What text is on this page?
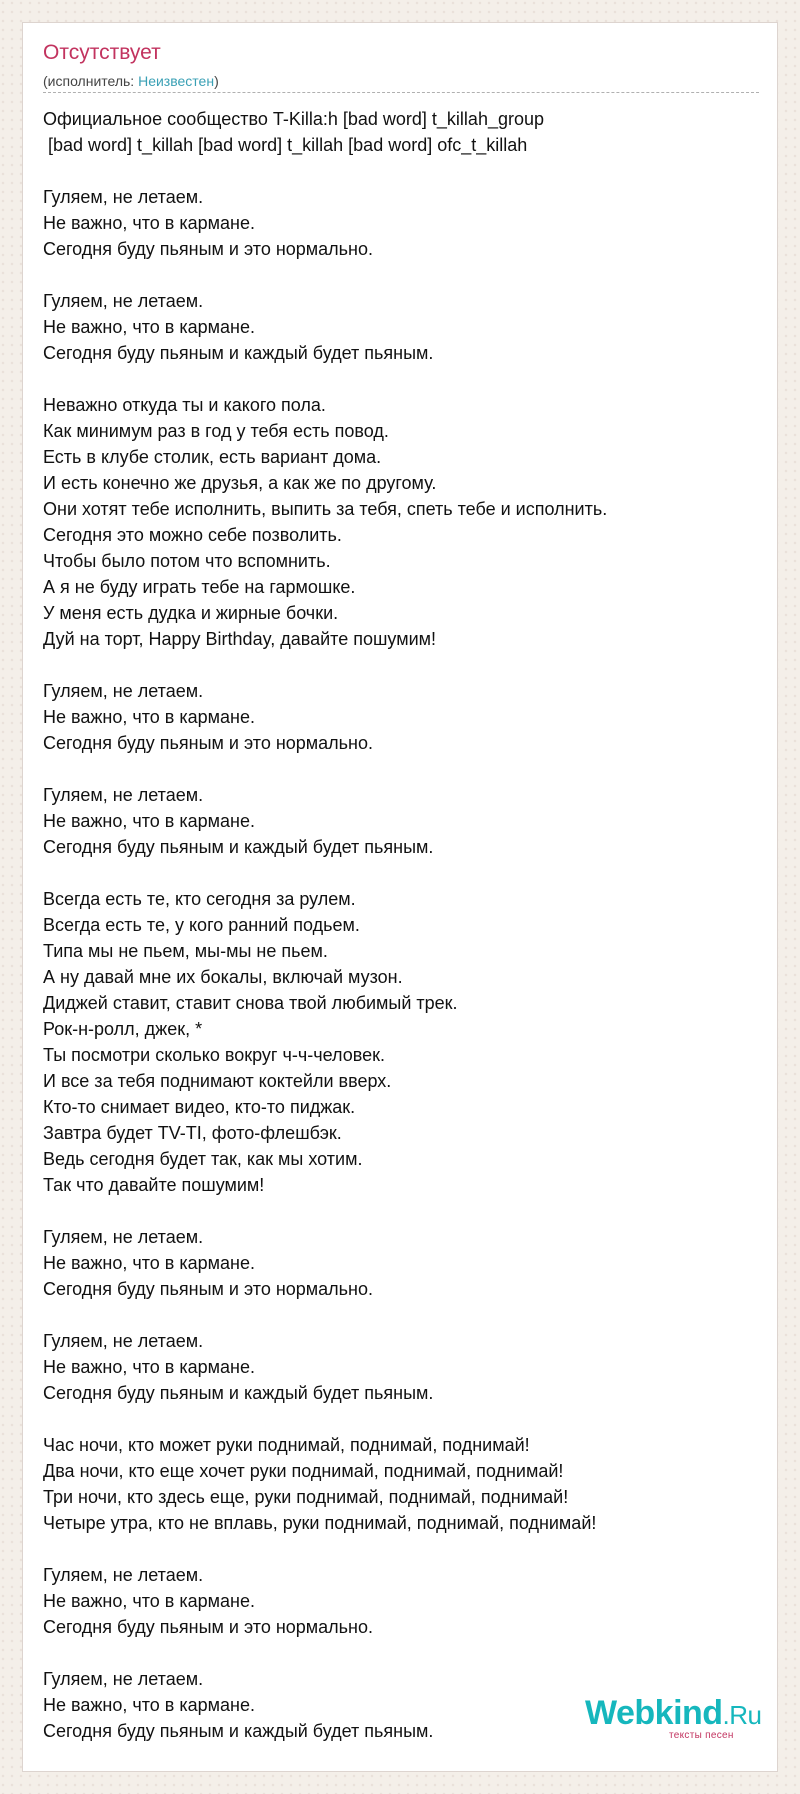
Отсутствует
(исполнитель: Неизвестен)
Официальное сообщество T-Killa:h [bad word] t_killah_group
[bad word] t_killah [bad word] t_killah [bad word] ofc_t_killah
Гуляем, не летаем.
Не важно, что в кармане.
Сегодня буду пьяным и это нормально.
Гуляем, не летаем.
Не важно, что в кармане.
Сегодня буду пьяным и каждый будет пьяным.
Неважно откуда ты и какого пола.
Как минимум раз в год у тебя есть повод.
Есть в клубе столик, есть вариант дома.
И есть конечно же друзья, а как же по другому.
Они хотят тебе исполнить, выпить за тебя, спеть тебе и исполнить.
Сегодня это можно себе позволить.
Чтобы было потом что вспомнить.
А я не буду играть тебе на гармошке.
У меня есть дудка и жирные бочки.
Дуй на торт, Happy Birthday, давайте пошумим!
Гуляем, не летаем.
Не важно, что в кармане.
Сегодня буду пьяным и это нормально.
Гуляем, не летаем.
Не важно, что в кармане.
Сегодня буду пьяным и каждый будет пьяным.
Всегда есть те, кто сегодня за рулем.
Всегда есть те, у кого ранний подьем.
Типа мы не пьем, мы-мы не пьем.
А ну давай мне их бокалы, включай музон.
Диджей ставит, ставит снова твой любимый трек.
Рок-н-ролл, джек, *
Ты посмотри сколько вокруг ч-ч-человек.
И все за тебя поднимают коктейли вверх.
Кто-то снимает видео, кто-то пиджак.
Завтра будет TV-TI, фото-флешбэк.
Ведь сегодня будет так, как мы хотим.
Так что давайте пошумим!
Гуляем, не летаем.
Не важно, что в кармане.
Сегодня буду пьяным и это нормально.
Гуляем, не летаем.
Не важно, что в кармане.
Сегодня буду пьяным и каждый будет пьяным.
Час ночи, кто может руки поднимай, поднимай, поднимай!
Два ночи, кто еще хочет руки поднимай, поднимай, поднимай!
Три ночи, кто здесь еще, руки поднимай, поднимай, поднимай!
Четыре утра, кто не вплавь, руки поднимай, поднимай, поднимай!
Гуляем, не летаем.
Не важно, что в кармане.
Сегодня буду пьяным и это нормально.
Гуляем, не летаем.
Не важно, что в кармане.
Сегодня буду пьяным и каждый будет пьяным.	Webkind.Ru
тексты песен
